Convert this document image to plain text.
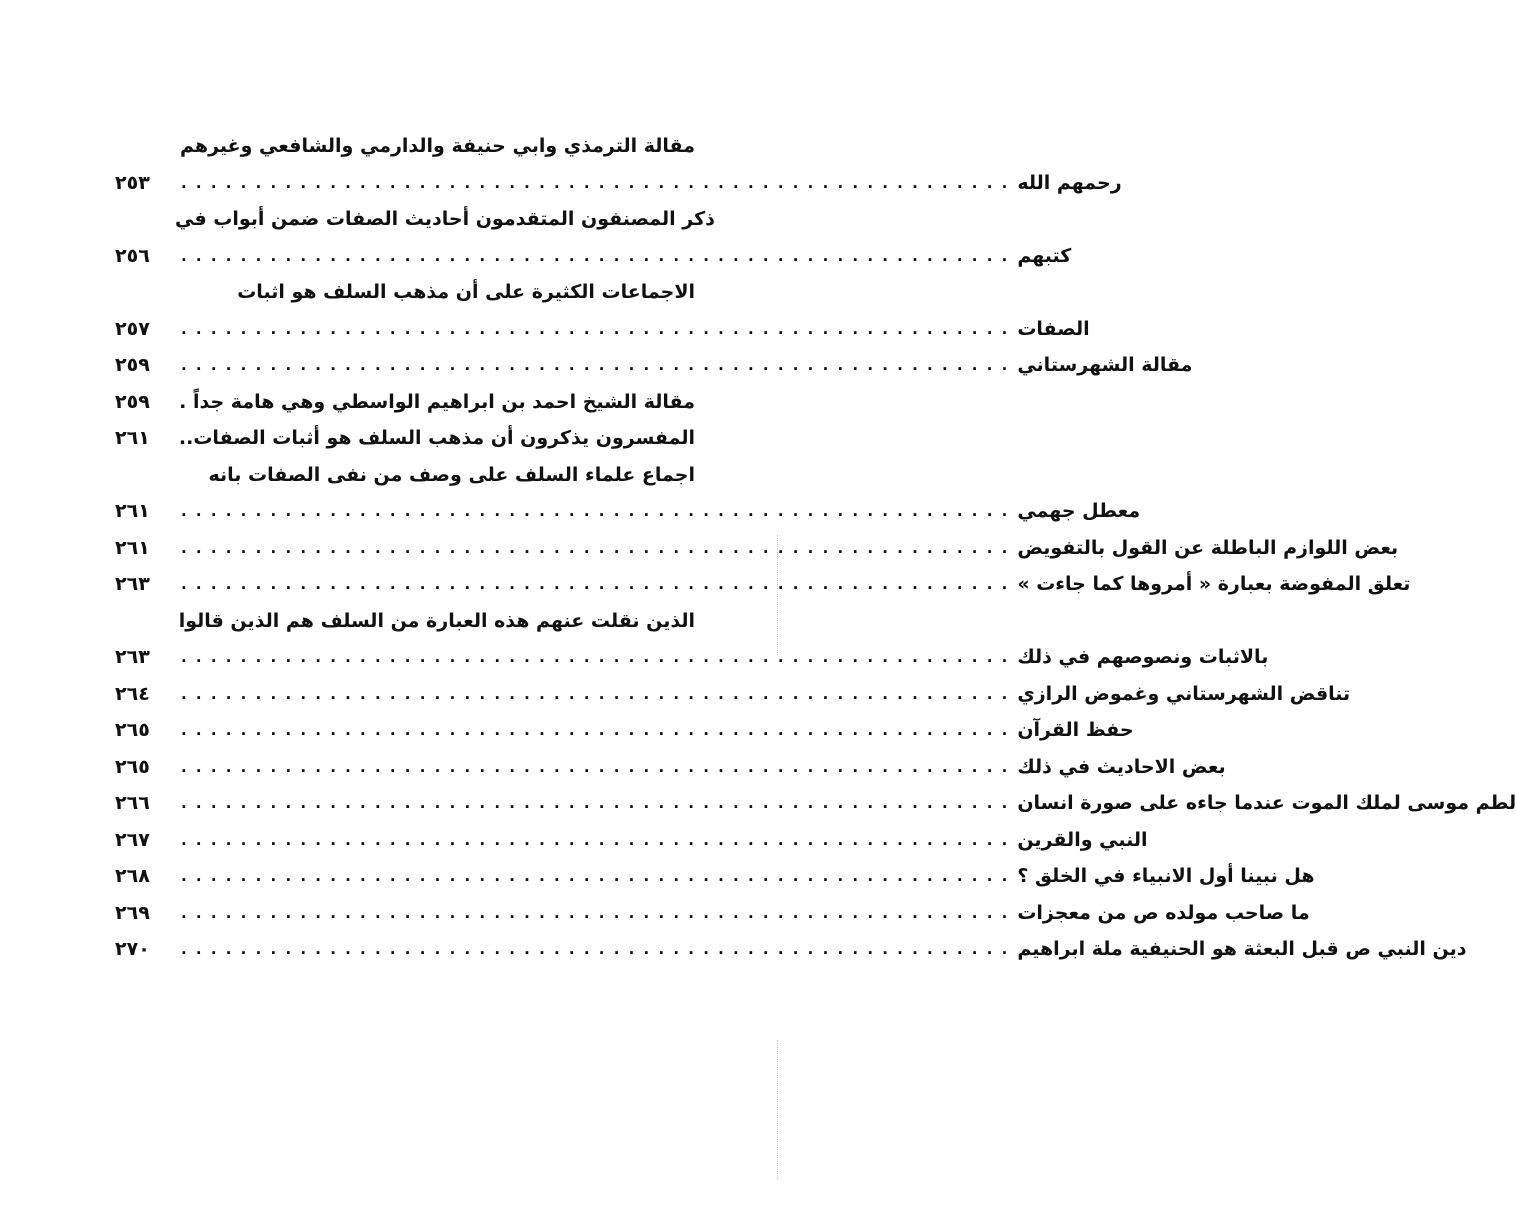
مقالة الترمذي وابي حنيفة والدارمي والشافعي وغيرهم
٢٥٣	رحمهم الله
. . . . . . . . . . . . . . . . . . . . . . . . . . . . . . . . . . . . . . . . . . . . . . . . . . . . . . . .
ذكر المصنفون المتقدمون أحاديث الصفات ضمن أبواب في
٢٥٦	كتبهم
. . . . . . . . . . . . . . . . . . . . . . . . . . . . . . . . . . . . . . . . . . . . . . . . . . . . . . . .
الاجماعات الكثيرة على أن مذهب السلف هو اثبات
٢٥٧	الصفات
. . . . . . . . . . . . . . . . . . . . . . . . . . . . . . . . . . . . . . . . . . . . . . . . . . . . . . . .
٢٥٩	مقالة الشهرستاني
. . . . . . . . . . . . . . . . . . . . . . . . . . . . . . . . . . . . . . . . . . . . . . . . . . . . . . . .
٢٥٩	مقالة الشيخ احمد بن ابراهيم الواسطي وهي هامة جداً .
٢٦١	المفسرون يذكرون أن مذهب السلف هو أثبات الصفات..
اجماع علماء السلف على وصف من نفى الصفات بانه
٢٦١	معطل جهمي
. . . . . . . . . . . . . . . . . . . . . . . . . . . . . . . . . . . . . . . . . . . . . . . . . . . . . . . .
٢٦١	بعض اللوازم الباطلة عن القول بالتفويض
. . . . . . . . . . . . . . . . . . . . . . . . . . . . . . . . . . . . . . . . . . . . . . . . . . . . . . . .
٢٦٣	تعلق المفوضة بعبارة « أمروها كما جاءت »
. . . . . . . . . . . . . . . . . . . . . . . . . . . . . . . . . . . . . . . . . . . . . . . . . . . . . . . .
الذين نقلت عنهم هذه العبارة من السلف هم الذين قالوا
٢٦٣	بالاثبات ونصوصهم في ذلك
. . . . . . . . . . . . . . . . . . . . . . . . . . . . . . . . . . . . . . . . . . . . . . . . . . . . . . . .
٢٦٤	تناقض الشهرستاني وغموض الرازي
. . . . . . . . . . . . . . . . . . . . . . . . . . . . . . . . . . . . . . . . . . . . . . . . . . . . . . . .
٢٦٥	حفظ القرآن
. . . . . . . . . . . . . . . . . . . . . . . . . . . . . . . . . . . . . . . . . . . . . . . . . . . . . . . .
٢٦٥	بعض الاحاديث في ذلك
. . . . . . . . . . . . . . . . . . . . . . . . . . . . . . . . . . . . . . . . . . . . . . . . . . . . . . . .
٢٦٦	لطم موسى لملك الموت عندما جاءه على صورة انسان
. . . . . . . . . . . . . . . . . . . . . . . . . . . . . . . . . . . . . . . . . . . . . . . . . . . . . . . .
٢٦٧	النبي والقرين
. . . . . . . . . . . . . . . . . . . . . . . . . . . . . . . . . . . . . . . . . . . . . . . . . . . . . . . .
٢٦٨	هل نبينا أول الانبياء في الخلق ؟
. . . . . . . . . . . . . . . . . . . . . . . . . . . . . . . . . . . . . . . . . . . . . . . . . . . . . . . .
٢٦٩	ما صاحب مولده ص من معجزات
. . . . . . . . . . . . . . . . . . . . . . . . . . . . . . . . . . . . . . . . . . . . . . . . . . . . . . . .
٢٧٠	دين النبي ص قبل البعثة هو الحنيفية ملة ابراهيم
. . . . . . . . . . . . . . . . . . . . . . . . . . . . . . . . . . . . . . . . . . . . . . . . . . . . . . . .
